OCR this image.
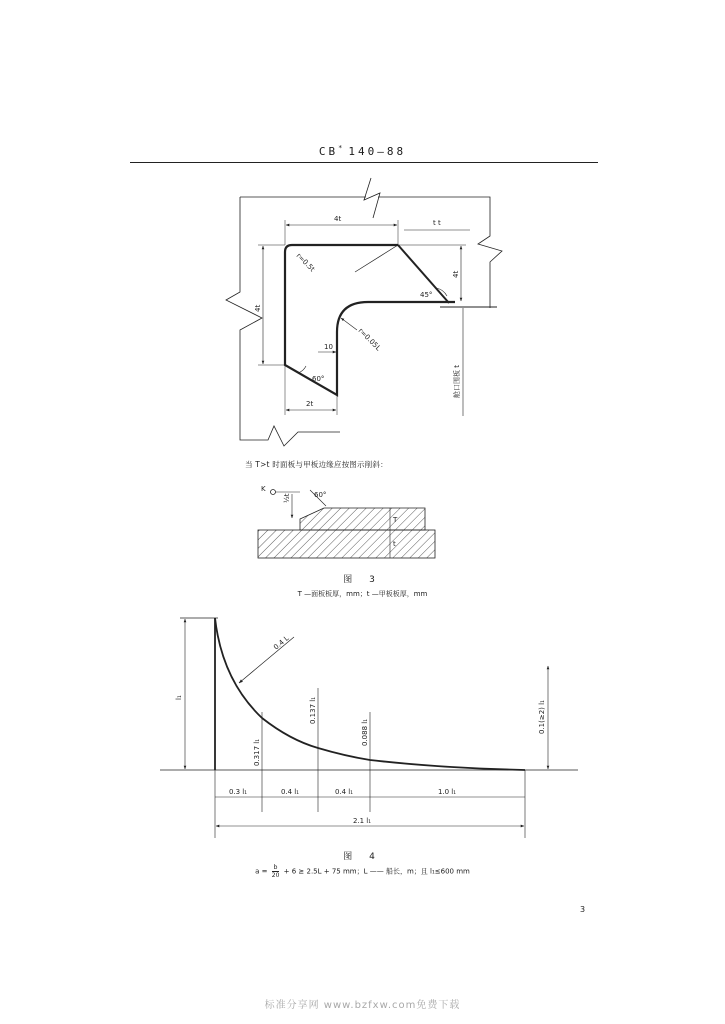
CB* 140—88
4t	t t
r=0.5t
4t
4t
45°
r=0.05L
10
60°
2t
舱口围板 t
K
½t	60°
T
t
l₁
0.4 L
0.317 l₁
0.137 l₁
0.088 l₁	0.1(≥2) l₁
0.3 l₁	0.4 l₁	0.4 l₁	1.0 l₁
2.1 l₁
当 T>t 时面板与甲板边缘应按图示削斜：
图 3
T —面板板厚，mm；t —甲板板厚，mm
图 4
$a = \frac{b}{20} + 6 \ge 2.5L + 75$ mm；L —— 船长，m；且 l₁≤600 mm
3
标准分享网 www.bzfxw.com免费下载
